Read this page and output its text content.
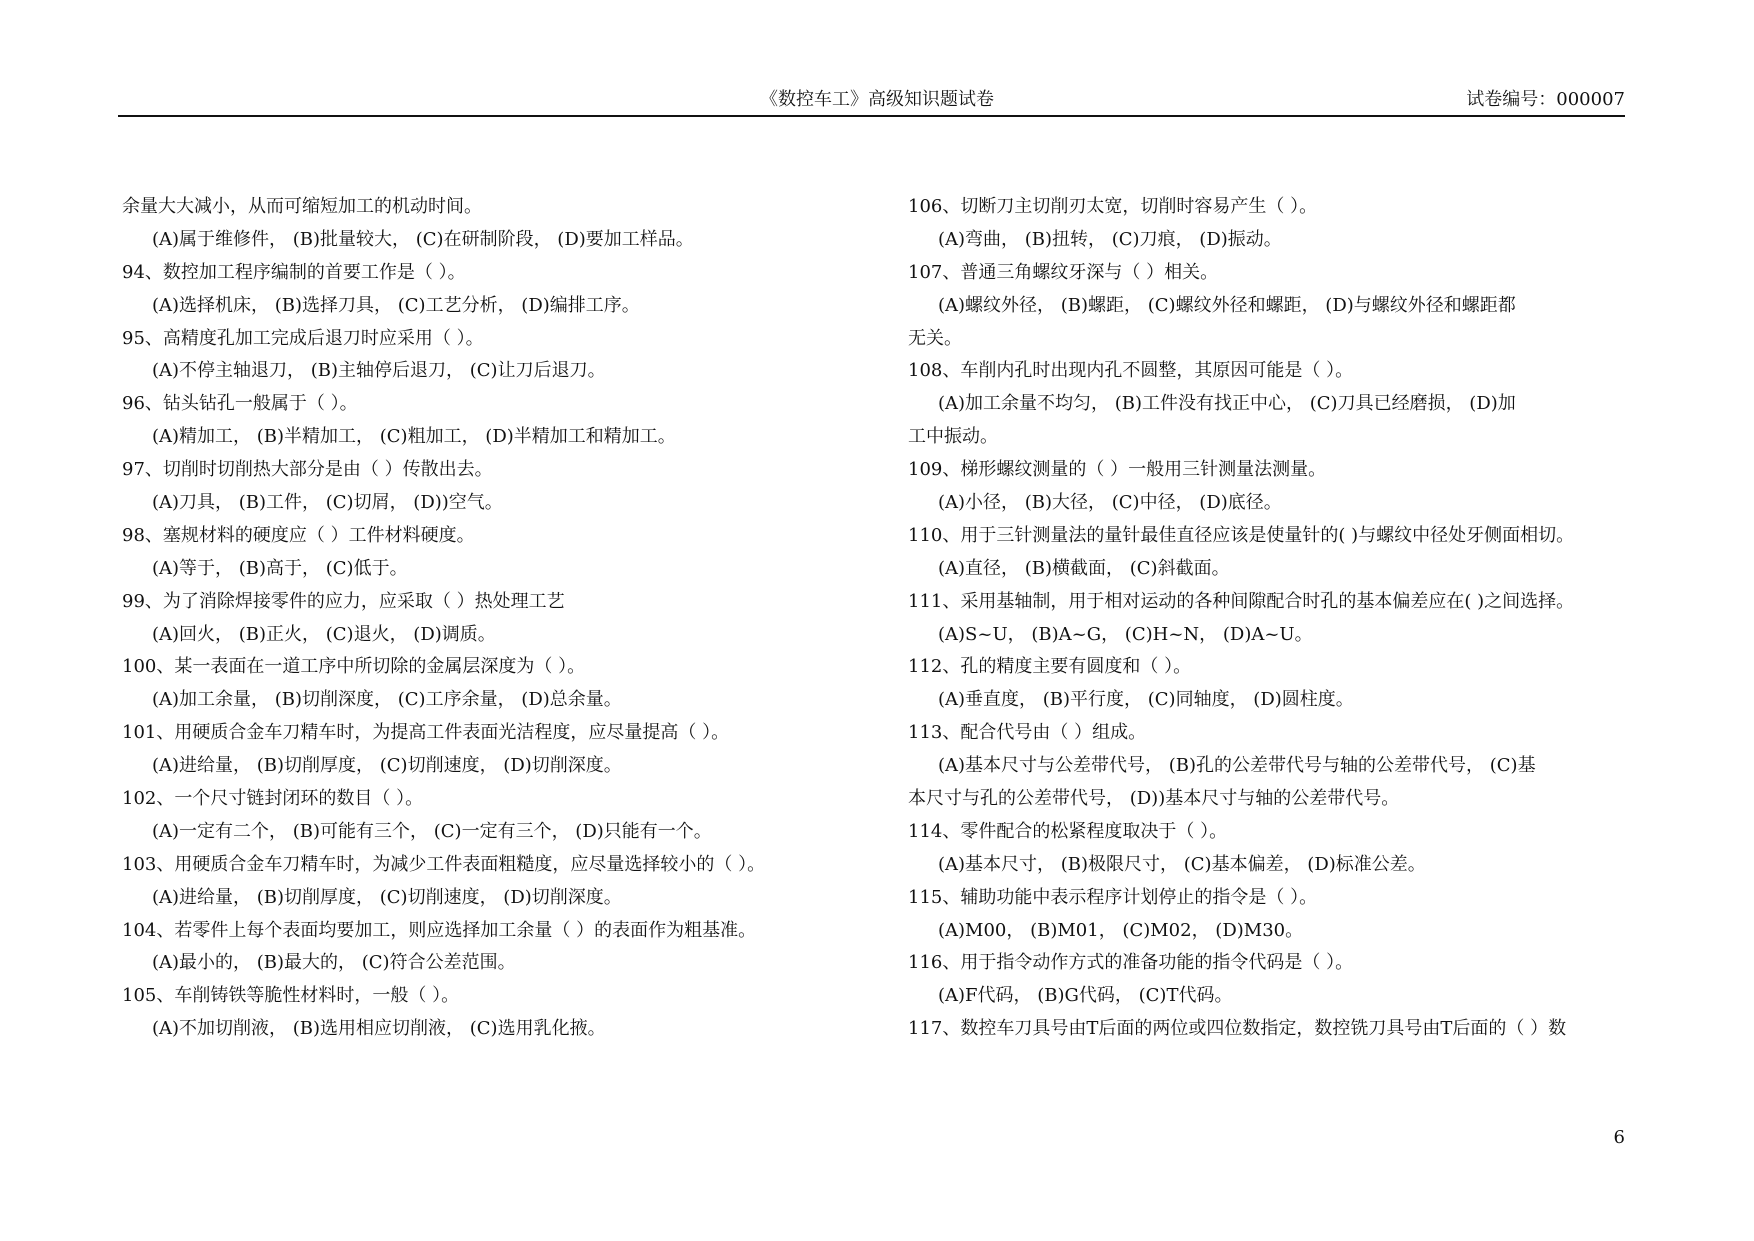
《数控车工》高级知识题试卷	试卷编号：000007
余量大大减小，从而可缩短加工的机动时间。
(A)属于维修件， (B)批量较大， (C)在研制阶段， (D)要加工样品。
94、数控加工程序编制的首要工作是（ ）。
(A)选择机床， (B)选择刀具， (C)工艺分析， (D)编排工序。
95、高精度孔加工完成后退刀时应采用（ ）。
(A)不停主轴退刀， (B)主轴停后退刀， (C)让刀后退刀。
96、钻头钻孔一般属于（ ）。
(A)精加工， (B)半精加工， (C)粗加工， (D)半精加工和精加工。
97、切削时切削热大部分是由（ ）传散出去。
(A)刀具， (B)工件， (C)切屑， (D))空气。
98、塞规材料的硬度应（ ）工件材料硬度。
(A)等于， (B)高于， (C)低于。
99、为了消除焊接零件的应力，应采取（ ）热处理工艺
(A)回火， (B)正火， (C)退火， (D)调质。
100、某一表面在一道工序中所切除的金属层深度为（ ）。
(A)加工余量， (B)切削深度， (C)工序余量， (D)总余量。
101、用硬质合金车刀精车时，为提高工件表面光洁程度，应尽量提高（ ）。
(A)进给量， (B)切削厚度， (C)切削速度， (D)切削深度。
102、一个尺寸链封闭环的数目（ ）。
(A)一定有二个， (B)可能有三个， (C)一定有三个， (D)只能有一个。
103、用硬质合金车刀精车时，为减少工件表面粗糙度，应尽量选择较小的（ ）。
(A)进给量， (B)切削厚度， (C)切削速度， (D)切削深度。
104、若零件上每个表面均要加工，则应选择加工余量（ ）的表面作为粗基准。
(A)最小的， (B)最大的， (C)符合公差范围。
105、车削铸铁等脆性材料时，一般（ ）。
(A)不加切削液， (B)选用相应切削液， (C)选用乳化掖。
106、切断刀主切削刃太宽，切削时容易产生（ ）。
(A)弯曲， (B)扭转， (C)刀痕， (D)振动。
107、普通三角螺纹牙深与（ ）相关。
(A)螺纹外径， (B)螺距， (C)螺纹外径和螺距， (D)与螺纹外径和螺距都
无关。
108、车削内孔时出现内孔不圆整，其原因可能是（ ）。
(A)加工余量不均匀， (B)工件没有找正中心， (C)刀具已经磨损， (D)加
工中振动。
109、梯形螺纹测量的（ ）一般用三针测量法测量。
(A)小径， (B)大径， (C)中径， (D)底径。
110、用于三针测量法的量针最佳直径应该是使量针的( )与螺纹中径处牙侧面相切。
(A)直径， (B)横截面， (C)斜截面。
111、采用基轴制，用于相对运动的各种间隙配合时孔的基本偏差应在( )之间选择。
(A)S~U， (B)A~G， (C)H~N， (D)A~U。
112、孔的精度主要有圆度和（ ）。
(A)垂直度， (B)平行度， (C)同轴度， (D)圆柱度。
113、配合代号由（ ）组成。
(A)基本尺寸与公差带代号， (B)孔的公差带代号与轴的公差带代号， (C)基
本尺寸与孔的公差带代号， (D))基本尺寸与轴的公差带代号。
114、零件配合的松紧程度取决于（ ）。
(A)基本尺寸， (B)极限尺寸， (C)基本偏差， (D)标准公差。
115、辅助功能中表示程序计划停止的指令是（ ）。
(A)M00， (B)M01， (C)M02， (D)M30。
116、用于指令动作方式的准备功能的指令代码是（ ）。
(A)F代码， (B)G代码， (C)T代码。
117、数控车刀具号由T后面的两位或四位数指定，数控铣刀具号由T后面的（ ）数
6
